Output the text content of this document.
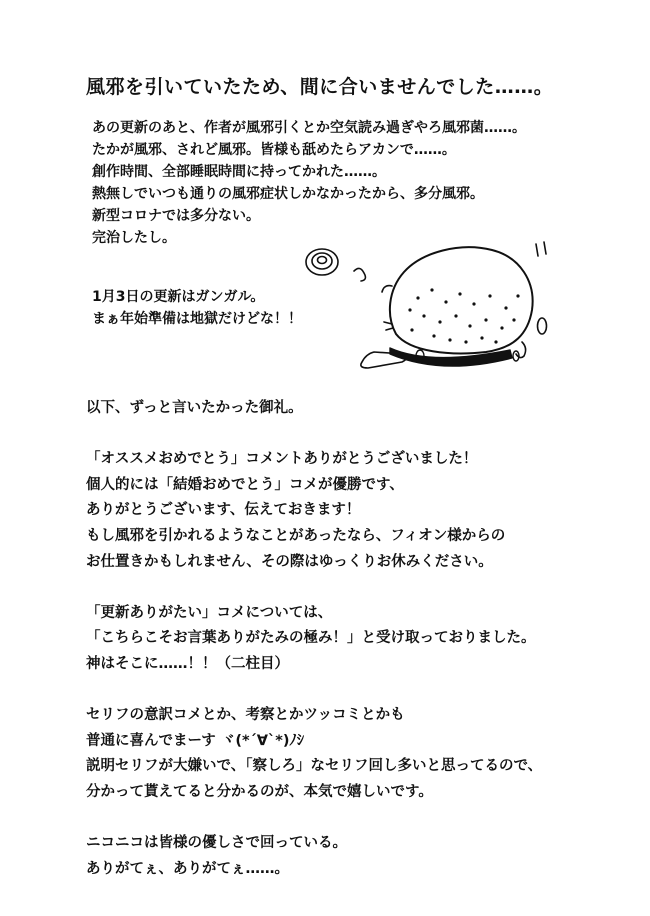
風邪を引いていたため、間に合いませんでした……。
あの更新のあと、作者が風邪引くとか空気読み過ぎやろ風邪菌……。
たかが風邪、されど風邪。皆様も舐めたらアカンで……。
創作時間、全部睡眠時間に持ってかれた……。
熱無しでいつも通りの風邪症状しかなかったから、多分風邪。
新型コロナでは多分ない。
完治したし。
1月3日の更新はガンガル。
まぁ年始準備は地獄だけどな！！
以下、ずっと言いたかった御礼。
「オススメおめでとう」コメントありがとうございました！
個人的には「結婚おめでとう」コメが優勝です、
ありがとうございます、伝えておきます！
もし風邪を引かれるようなことがあったなら、フィオン様からの
お仕置きかもしれません、その際はゆっくりお休みください。
「更新ありがたい」コメについては、
「こちらこそお言葉ありがたみの極み！」と受け取っておりました。
神はそこに……！！（二柱目）
セリフの意訳コメとか、考察とかツッコミとかも
普通に喜んでまーす ヾ(*´∀`*)ﾉｼ
説明セリフが大嫌いで、「察しろ」なセリフ回し多いと思ってるので、
分かって貰えてると分かるのが、本気で嬉しいです。
ニコニコは皆様の優しさで回っている。
ありがてぇ、ありがてぇ……。
